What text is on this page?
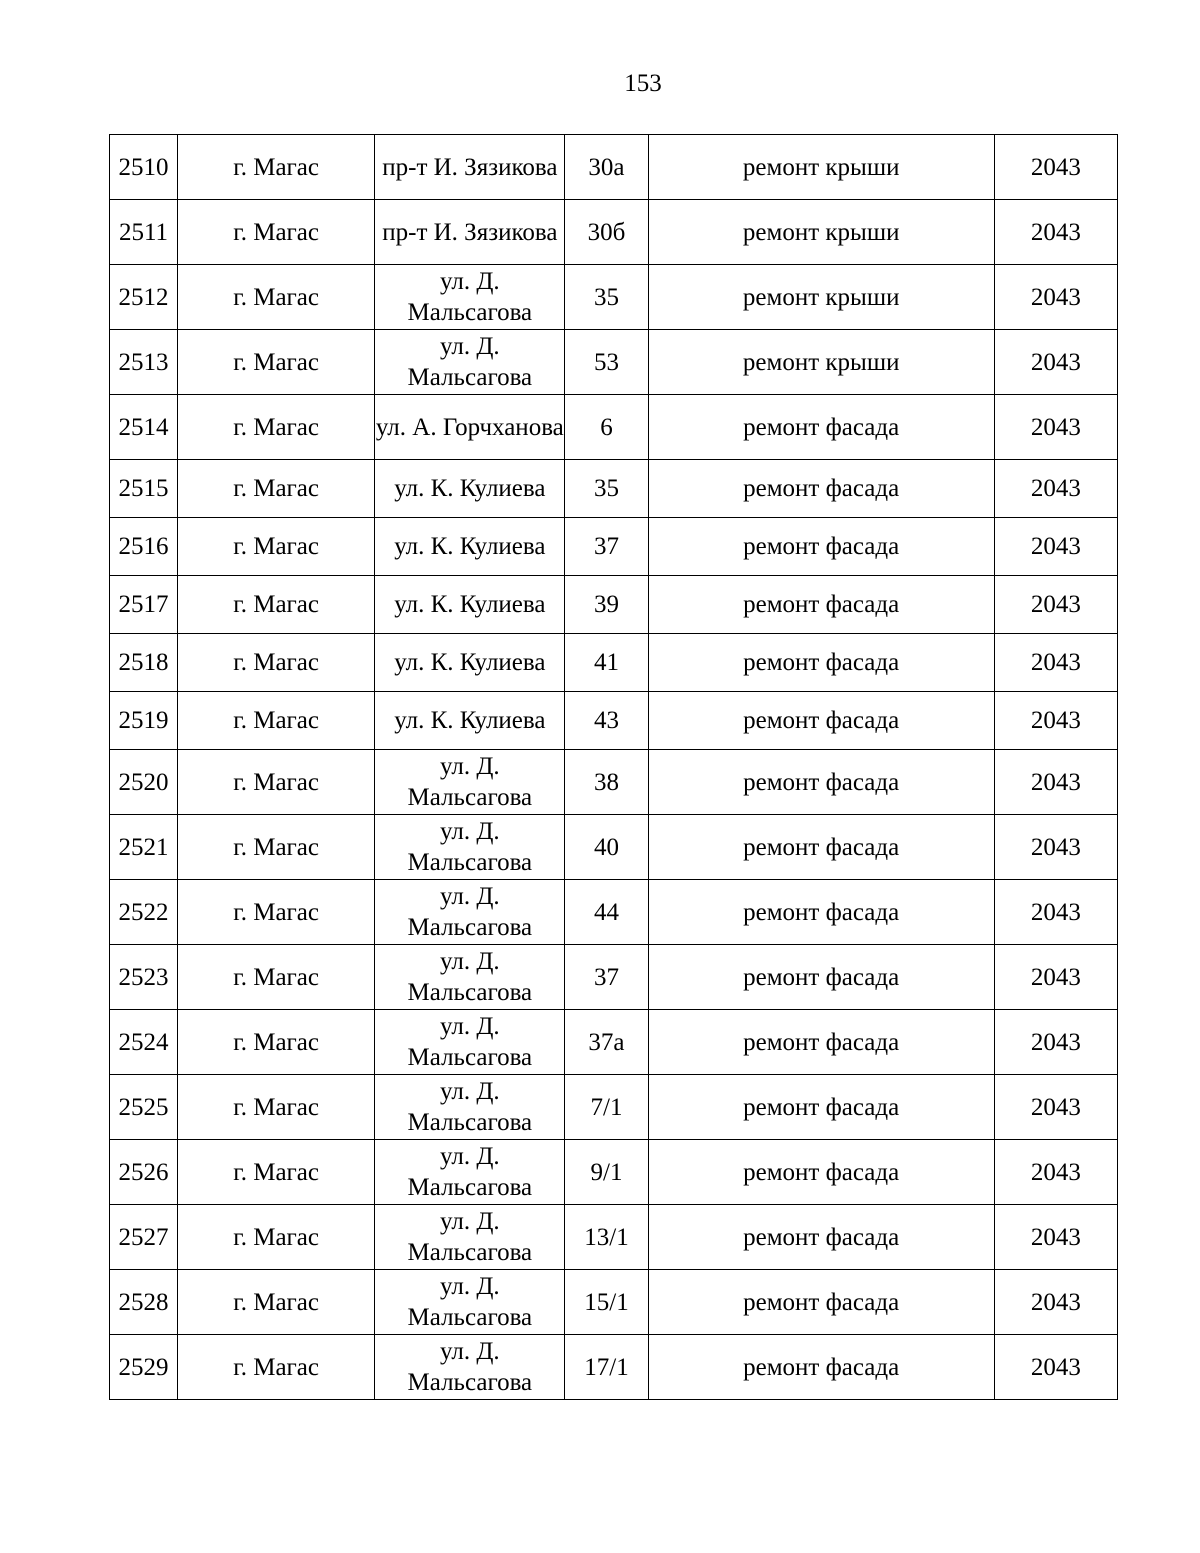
153
2510	г. Магас	пр-т И. Зязикова	30а	ремонт крыши	2043
2511	г. Магас	пр-т И. Зязикова	30б	ремонт крыши	2043
2512	г. Магас	ул. Д. Мальсагова	35	ремонт крыши	2043
2513	г. Магас	ул. Д. Мальсагова	53	ремонт крыши	2043
2514	г. Магас	ул. А. Горчханова	6	ремонт фасада	2043
2515	г. Магас	ул. К. Кулиева	35	ремонт фасада	2043
2516	г. Магас	ул. К. Кулиева	37	ремонт фасада	2043
2517	г. Магас	ул. К. Кулиева	39	ремонт фасада	2043
2518	г. Магас	ул. К. Кулиева	41	ремонт фасада	2043
2519	г. Магас	ул. К. Кулиева	43	ремонт фасада	2043
2520	г. Магас	ул. Д. Мальсагова	38	ремонт фасада	2043
2521	г. Магас	ул. Д. Мальсагова	40	ремонт фасада	2043
2522	г. Магас	ул. Д. Мальсагова	44	ремонт фасада	2043
2523	г. Магас	ул. Д. Мальсагова	37	ремонт фасада	2043
2524	г. Магас	ул. Д. Мальсагова	37а	ремонт фасада	2043
2525	г. Магас	ул. Д. Мальсагова	7/1	ремонт фасада	2043
2526	г. Магас	ул. Д. Мальсагова	9/1	ремонт фасада	2043
2527	г. Магас	ул. Д. Мальсагова	13/1	ремонт фасада	2043
2528	г. Магас	ул. Д. Мальсагова	15/1	ремонт фасада	2043
2529	г. Магас	ул. Д. Мальсагова	17/1	ремонт фасада	2043
